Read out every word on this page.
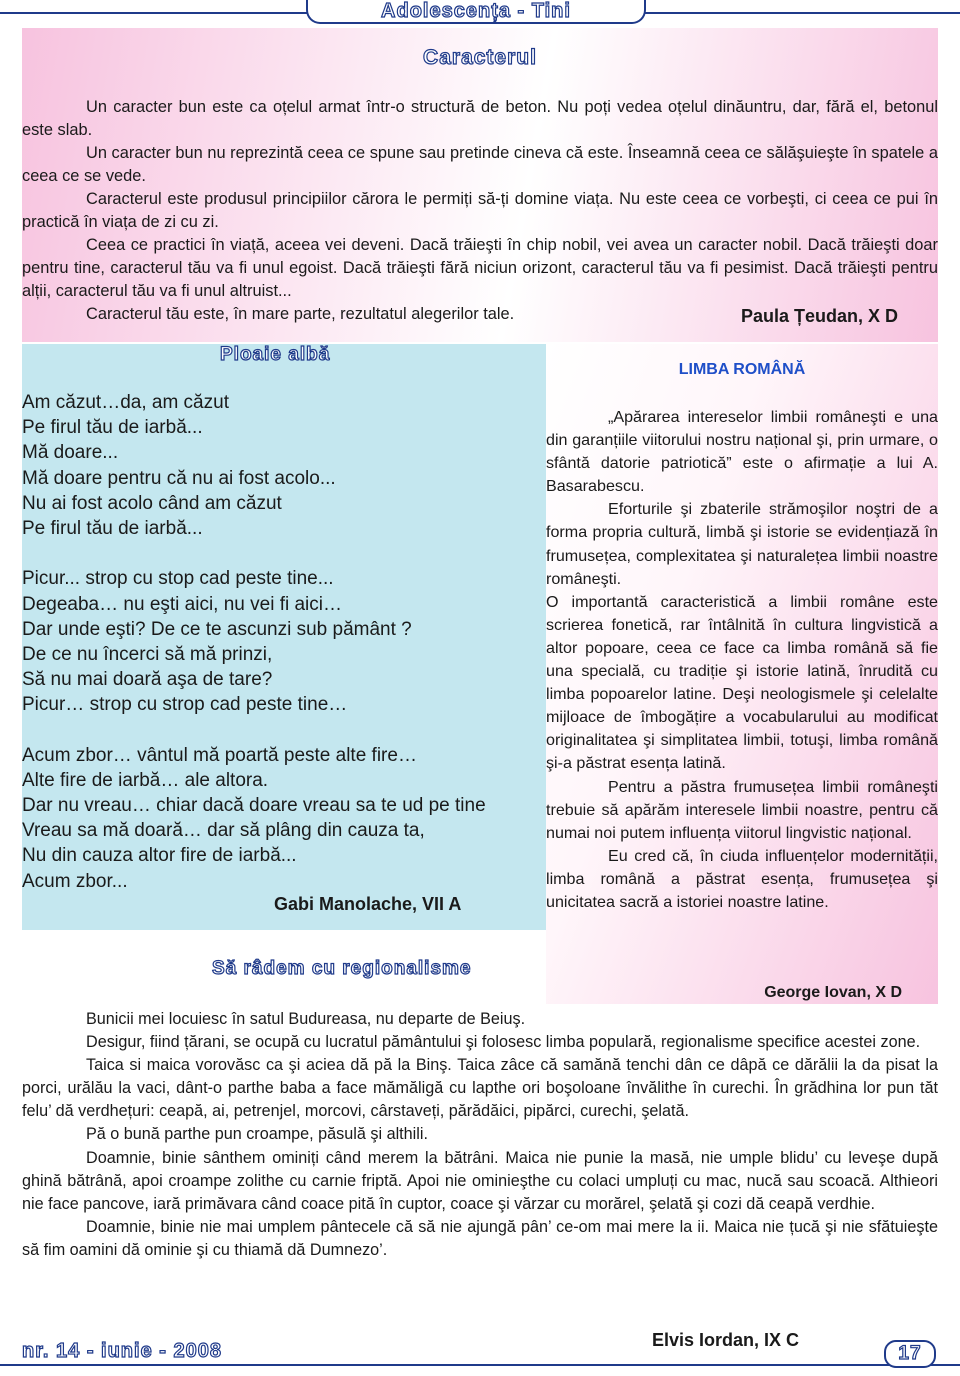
Adolescența - Tini
Caracterul

Un caracter bun este ca oțelul armat într-o structură de beton. Nu poți vedea oțelul dinăuntru, dar, fără el, betonul este slab.

Un caracter bun nu reprezintă ceea ce spune sau pretinde cineva că este. Înseamnă ceea ce sălăşuieşte în spatele a ceea ce se vede.

Caracterul este produsul principiilor cărora le permiți să-ți domine viața. Nu este ceea ce vorbeşti, ci ceea ce pui în practică în viața de zi cu zi.

Ceea ce practici în viață, aceea vei deveni. Dacă trăieşti în chip nobil, vei avea un caracter nobil. Dacă trăieşti doar pentru tine, caracterul tău va fi unul egoist. Dacă trăieşti fără niciun orizont, caracterul tău va fi pesimist. Dacă trăieşti pentru alții, caracterul tău va fi unul altruist...

Caracterul tău este, în mare parte, rezultatul alegerilor tale.	Paula Țeudan, X D
Ploaie albă
Am căzut…da, am căzut
Pe firul tău de iarbă...
Mă doare...
Mă doare pentru că nu ai fost acolo...
Nu ai fost acolo când am căzut
Pe firul tău de iarbă...
Picur... strop cu stop cad peste tine...
Degeaba… nu eşti aici, nu vei fi aici…
Dar unde eşti? De ce te ascunzi sub pământ ?
De ce nu încerci să mă prinzi,
Să nu mai doară aşa de tare?
Picur… strop cu strop cad peste tine…
Acum zbor… vântul mă poartă peste alte fire…
Alte fire de iarbă… ale altora.
Dar nu vreau… chiar dacă doare vreau sa te ud pe tine
Vreau sa mă doară… dar să plâng din cauza ta,
Nu din cauza altor fire de iarbă...
Acum zbor...
Gabi Manolache, VII A
LIMBA ROMÂNĂ

„Apărarea intereselor limbii româneşti e una din garanțiile viitorului nostru național şi, prin urmare, o sfântă datorie patriotică” este o afirmație a lui A. Basarabescu.

Eforturile şi zbaterile strămoşilor noştri de a forma propria cultură, limbă şi istorie se evidențiază în frumusețea, complexitatea şi naturalețea limbii noastre româneşti.

O importantă caracteristică a limbii române este scrierea fonetică, rar întâlnită în cultura lingvistică a altor popoare, ceea ce face ca limba română să fie una specială, cu tradiție şi istorie latină, înrudită cu limba popoarelor latine. Deşi neologismele şi celelalte mijloace de îmbogățire a vocabularului au modificat originalitatea şi simplitatea limbii, totuşi, limba română şi-a păstrat esența latină.

Pentru a păstra frumusețea limbii româneşti trebuie să apărăm interesele limbii noastre, pentru că numai noi putem influența viitorul lingvistic național.

Eu cred că, în ciuda influențelor modernității, limba română a păstrat esența, frumusețea şi unicitatea sacră a istoriei noastre latine.

George Iovan, X D
Să râdem cu regionalisme

Bunicii mei locuiesc în satul Budureasa, nu departe de Beiuş.

Desigur, fiind țărani, se ocupă cu lucratul pământului şi folosesc limba populară, regionalisme specifice acestei zone.

Taica si maica vorovăsc ca şi aciea dă pă la Binş. Taica zâce că samănă tenchi dân ce dâpă ce dărălii la da pisat la porci, urălău la vaci, dânt-o parthe baba a face mămăligă cu lapthe ori boşoloane învălithe în curechi. În grădhina lor pun tăt felu’ dă verdhețuri: ceapă, ai, petrenjel, morcovi, cârstaveți, părădăici, pipărci, curechi, şelată.

Pă o bună parthe pun croampe, păsulă şi althili.

Doamnie, binie sânthem ominiți când merem la bătrâni. Maica nie punie la masă, nie umple blidu’ cu leveşe după ghină bătrână, apoi croampe zolithe cu carnie friptă. Apoi nie ominieşthe cu colaci umpluți cu mac, nucă sau scoacă. Althieori nie face pancove, iară primăvara când coace pită în cuptor, coace şi vărzar cu morărel, şelată şi cozi dă ceapă verdhie.

Doamnie, binie nie mai umplem pântecele că să nie ajungă pân’ ce-om mai mere la ii. Maica nie țucă şi nie sfătuieşte să fim oamini dă ominie şi cu thiamă dă Dumnezo’.

Elvis Iordan, IX C
nr. 14 - iunie - 2008	17
